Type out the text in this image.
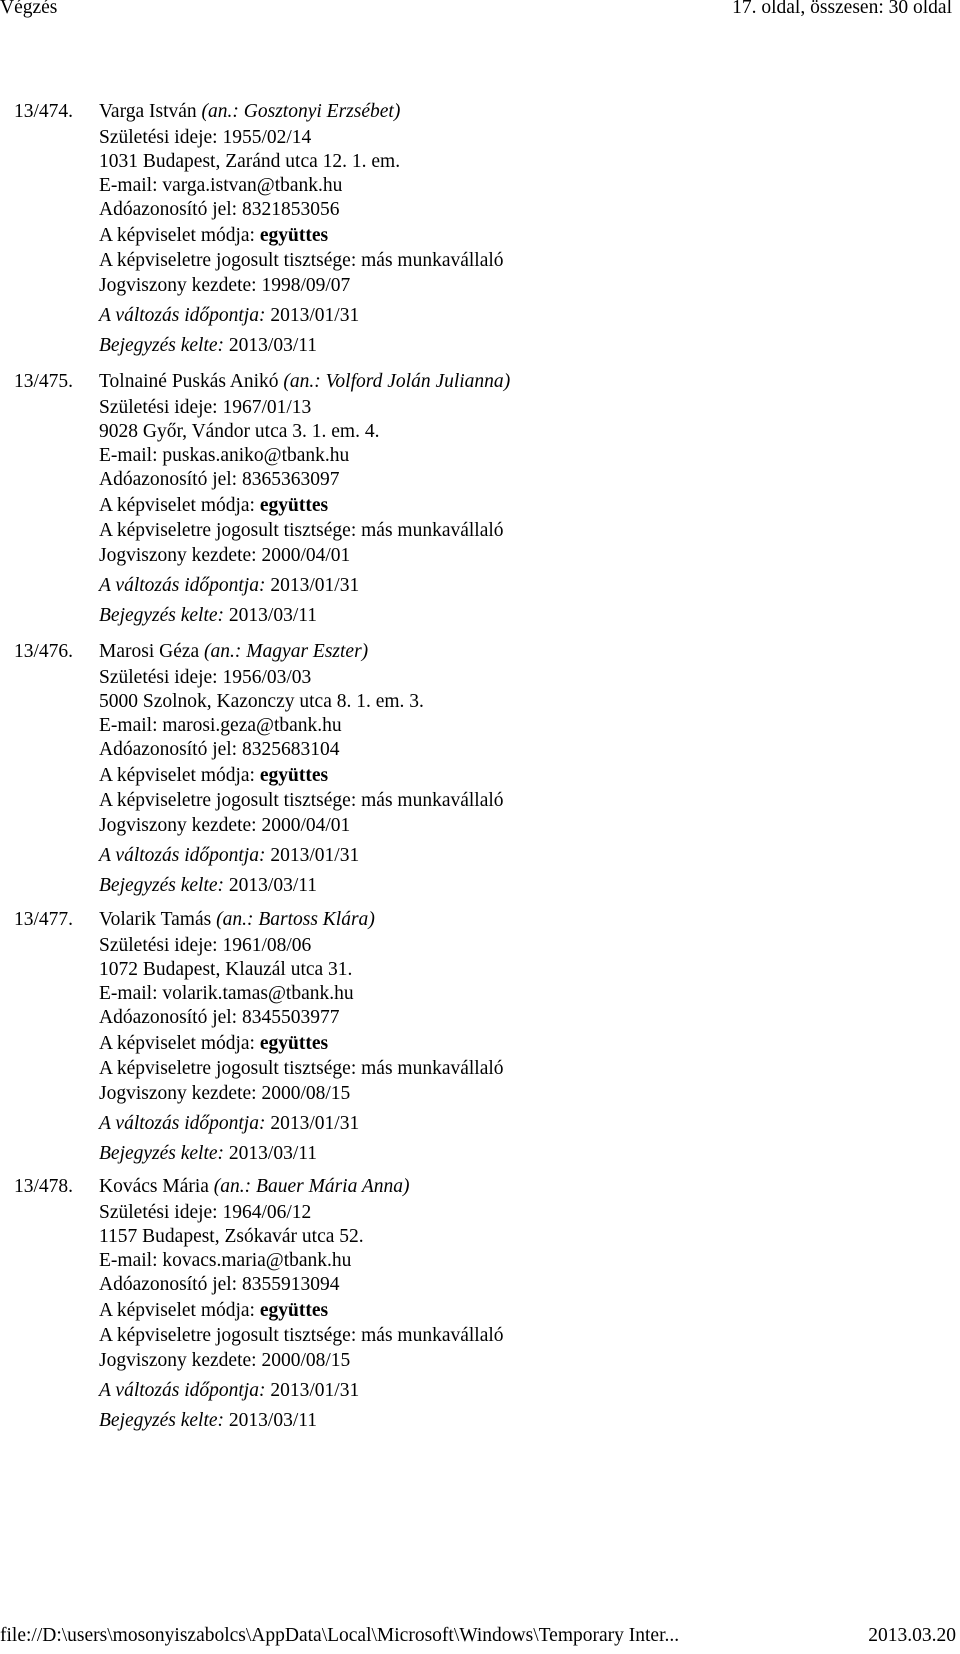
Végzés	17. oldal, összesen: 30 oldal
13/474. Varga István (an.: Gosztonyi Erzsébet)
Születési ideje: 1955/02/14
1031 Budapest, Zaránd utca 12. 1. em.
E-mail: varga.istvan@tbank.hu
Adóazonosító jel: 8321853056
A képviselet módja: együttes
A képviseletre jogosult tisztsége: más munkavállaló
Jogviszony kezdete: 1998/09/07
A változás időpontja: 2013/01/31
Bejegyzés kelte: 2013/03/11
13/475. Tolnainé Puskás Anikó (an.: Volford Jolán Julianna)
Születési ideje: 1967/01/13
9028 Győr, Vándor utca 3. 1. em. 4.
E-mail: puskas.aniko@tbank.hu
Adóazonosító jel: 8365363097
A képviselet módja: együttes
A képviseletre jogosult tisztsége: más munkavállaló
Jogviszony kezdete: 2000/04/01
A változás időpontja: 2013/01/31
Bejegyzés kelte: 2013/03/11
13/476. Marosi Géza (an.: Magyar Eszter)
Születési ideje: 1956/03/03
5000 Szolnok, Kazonczy utca 8. 1. em. 3.
E-mail: marosi.geza@tbank.hu
Adóazonosító jel: 8325683104
A képviselet módja: együttes
A képviseletre jogosult tisztsége: más munkavállaló
Jogviszony kezdete: 2000/04/01
A változás időpontja: 2013/01/31
Bejegyzés kelte: 2013/03/11
13/477. Volarik Tamás (an.: Bartoss Klára)
Születési ideje: 1961/08/06
1072 Budapest, Klauzál utca 31.
E-mail: volarik.tamas@tbank.hu
Adóazonosító jel: 8345503977
A képviselet módja: együttes
A képviseletre jogosult tisztsége: más munkavállaló
Jogviszony kezdete: 2000/08/15
A változás időpontja: 2013/01/31
Bejegyzés kelte: 2013/03/11
13/478. Kovács Mária (an.: Bauer Mária Anna)
Születési ideje: 1964/06/12
1157 Budapest, Zsókavár utca 52.
E-mail: kovacs.maria@tbank.hu
Adóazonosító jel: 8355913094
A képviselet módja: együttes
A képviseletre jogosult tisztsége: más munkavállaló
Jogviszony kezdete: 2000/08/15
A változás időpontja: 2013/01/31
Bejegyzés kelte: 2013/03/11
file://D:\users\mosonyiszabolcs\AppData\Local\Microsoft\Windows\Temporary Inter...	2013.03.20
